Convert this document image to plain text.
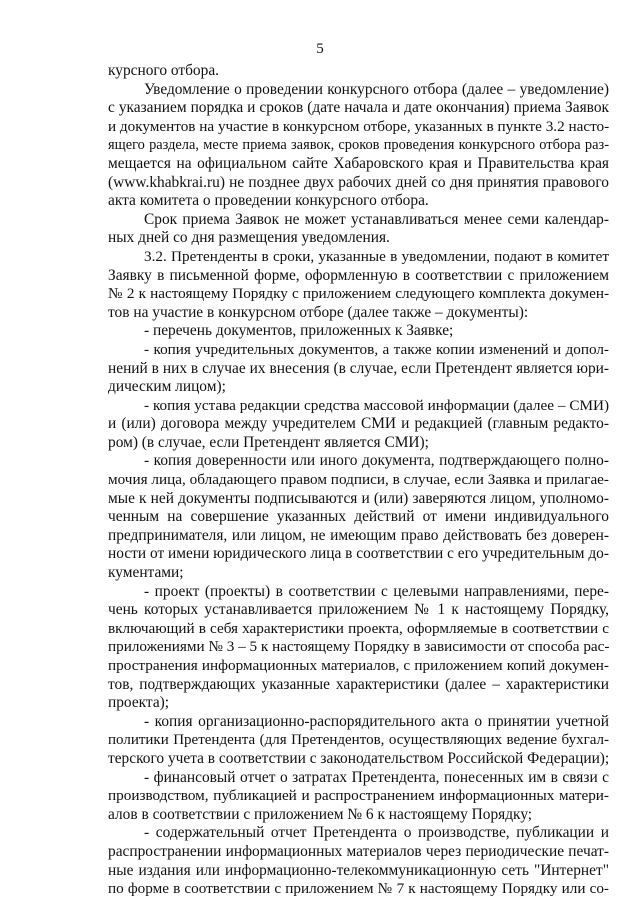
5
курсного отбора.
Уведомление о проведении конкурсного отбора (далее – уведомление)
с указанием порядка и сроков (дате начала и дате окончания) приема Заявок
и документов на участие в конкурсном отборе, указанных в пункте 3.2 насто-
ящего раздела, месте приема заявок, сроков проведения конкурсного отбора раз-
мещается на официальном сайте Хабаровского края и Правительства края
(www.khabkrai.ru) не позднее двух рабочих дней со дня принятия правового
акта комитета о проведении конкурсного отбора.
Срок приема Заявок не может устанавливаться менее семи календар-
ных дней со дня размещения уведомления.
3.2. Претенденты в сроки, указанные в уведомлении, подают в комитет
Заявку в письменной форме, оформленную в соответствии с приложением
№ 2 к настоящему Порядку с приложением следующего комплекта докумен-
тов на участие в конкурсном отборе (далее также – документы):
- перечень документов, приложенных к Заявке;
- копия учредительных документов, а также копии изменений и допол-
нений в них в случае их внесения (в случае, если Претендент является юри-
дическим лицом);
- копия устава редакции средства массовой информации (далее – СМИ)
и (или) договора между учредителем СМИ и редакцией (главным редакто-
ром) (в случае, если Претендент является СМИ);
- копия доверенности или иного документа, подтверждающего полно-
мочия лица, обладающего правом подписи, в случае, если Заявка и прилагае-
мые к ней документы подписываются и (или) заверяются лицом, уполномо-
ченным на совершение указанных действий от имени индивидуального
предпринимателя, или лицом, не имеющим право действовать без доверен-
ности от имени юридического лица в соответствии с его учредительным до-
кументами;
- проект (проекты) в соответствии с целевыми направлениями, пере-
чень которых устанавливается приложением № 1 к настоящему Порядку,
включающий в себя характеристики проекта, оформляемые в соответствии с
приложениями № 3 – 5 к настоящему Порядку в зависимости от способа рас-
пространения информационных материалов, с приложением копий докумен-
тов, подтверждающих указанные характеристики (далее – характеристики
проекта);
- копия организационно-распорядительного акта о принятии учетной
политики Претендента (для Претендентов, осуществляющих ведение бухгал-
терского учета в соответствии с законодательством Российской Федерации);
- финансовый отчет о затратах Претендента, понесенных им в связи с
производством, публикацией и распространением информационных матери-
алов в соответствии с приложением № 6 к настоящему Порядку;
- содержательный отчет Претендента о производстве, публикации и
распространении информационных материалов через периодические печат-
ные издания или информационно-телекоммуникационную сеть "Интернет"
по форме в соответствии с приложением № 7 к настоящему Порядку или со-
